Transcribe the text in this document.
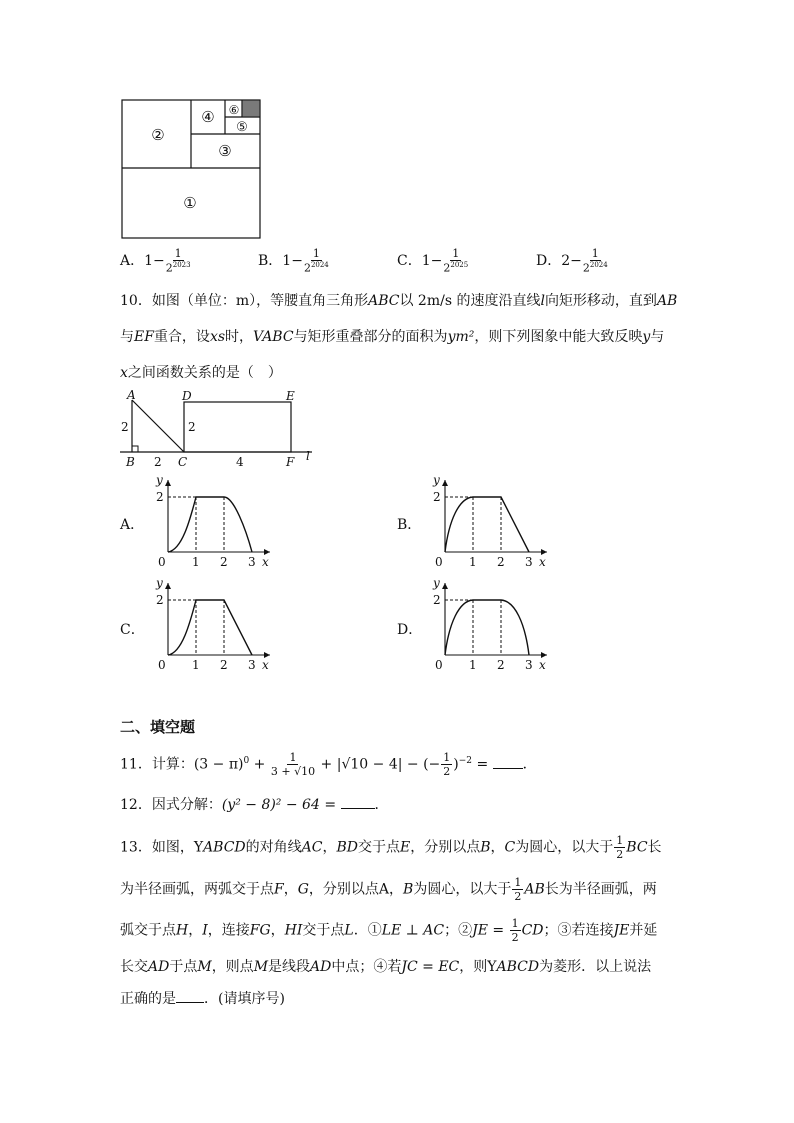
①
②
③
④
⑤
⑥
A．$1- \frac{1}{2^{2023}}$	B．$1- \frac{1}{2^{2024}}$	C．$1- \frac{1}{2^{2025}}$	D．$2- \frac{1}{2^{2024}}$
10．如图（单位：m），等腰直角三角形ABC以 2m/s 的速度沿直线l向矩形移动，直到AB
与EF重合，设xs时，VABC与矩形重叠部分的面积为ym²，则下列图象中能大致反映y与
x之间函数关系的是（　）
A
B	C
D	E
F l
2	2
2	4
A．	B．
C．	D．
y
x
0 1 2 3
2
y
x
0 1 2 3
2
y
x
0 1 2 3
2
y
x
0 1 2 3
2
二、填空题
11．计算：$(3 - \pi)^0 + \frac{1}{3 + √10} + |√10 - 4|$ − (− $\frac{1}{2} )^{-2}$ = ．
12．因式分解：(y² − 8)² − 64 = ．
13．如图，YABCD的对角线AC，BD交于点E，分别以点B，C为圆心，以大于 $\frac{1}{2}$ BC长
为半径画弧，两弧交于点F，G，分别以点A，B为圆心，以大于 $\frac{1}{2}$ AB长为半径画弧，两
弧交于点H，I，连接FG，HI交于点L．①LE ⊥ AC；②JE = $\frac{1}{2}$ CD；③若连接JE并延
长交AD于点M，则点M是线段AD中点；④若JC = EC，则YABCD为菱形．以上说法
正确的是 ．(请填序号)
